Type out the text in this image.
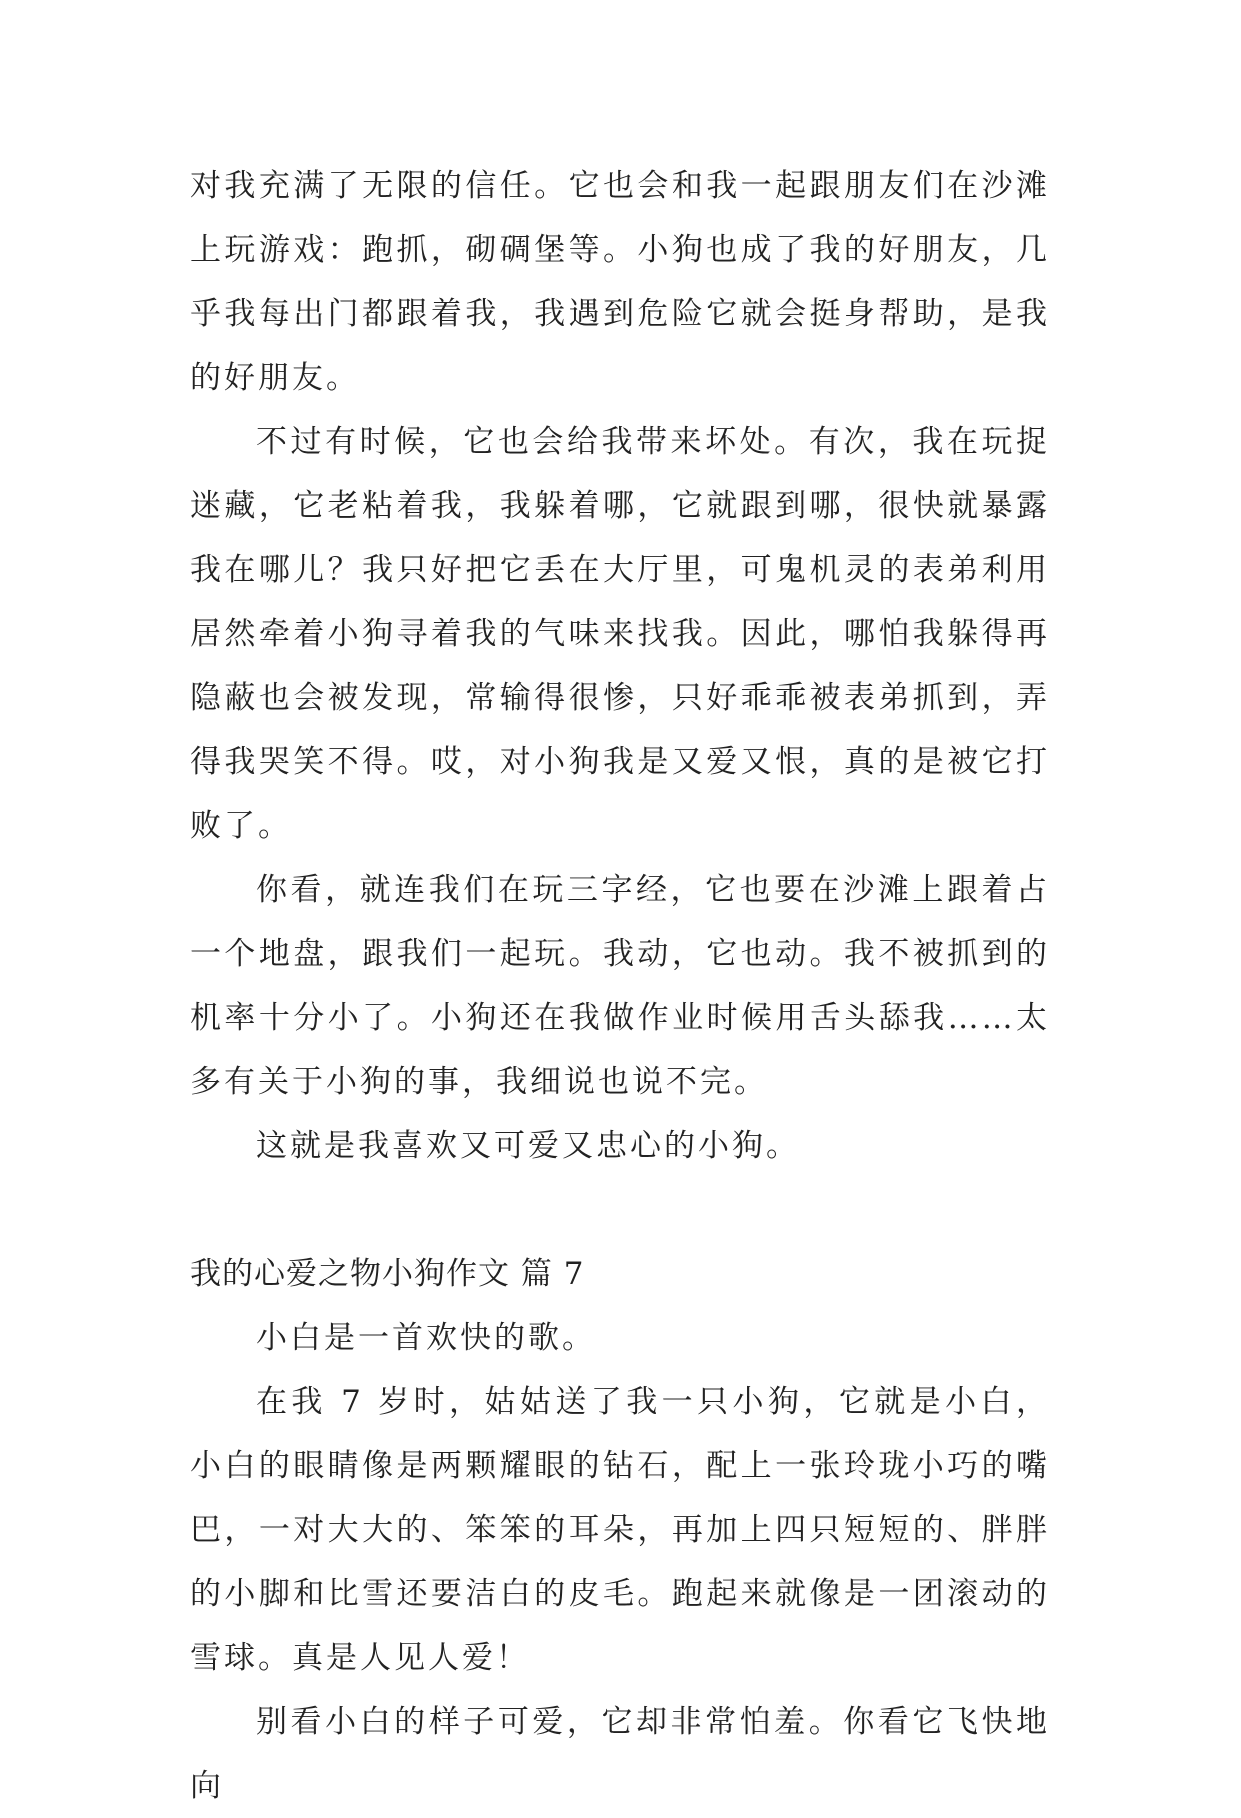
对我充满了无限的信任。它也会和我一起跟朋友们在沙滩上玩游戏：跑抓，砌碉堡等。小狗也成了我的好朋友，几乎我每出门都跟着我，我遇到危险它就会挺身帮助，是我的好朋友。

不过有时候，它也会给我带来坏处。有次，我在玩捉迷藏，它老粘着我，我躲着哪，它就跟到哪，很快就暴露我在哪儿？我只好把它丢在大厅里，可鬼机灵的表弟利用居然牵着小狗寻着我的气味来找我。因此，哪怕我躲得再隐蔽也会被发现，常输得很惨，只好乖乖被表弟抓到，弄得我哭笑不得。哎，对小狗我是又爱又恨，真的是被它打败了。

你看，就连我们在玩三字经，它也要在沙滩上跟着占一个地盘，跟我们一起玩。我动，它也动。我不被抓到的机率十分小了。小狗还在我做作业时候用舌头舔我……太多有关于小狗的事，我细说也说不完。

这就是我喜欢又可爱又忠心的小狗。

我的心爱之物小狗作文 篇 7

小白是一首欢快的歌。

在我 7 岁时，姑姑送了我一只小狗，它就是小白，小白的眼睛像是两颗耀眼的钻石，配上一张玲珑小巧的嘴巴，一对大大的、笨笨的耳朵，再加上四只短短的、胖胖的小脚和比雪还要洁白的皮毛。跑起来就像是一团滚动的雪球。真是人见人爱！

别看小白的样子可爱，它却非常怕羞。你看它飞快地向
